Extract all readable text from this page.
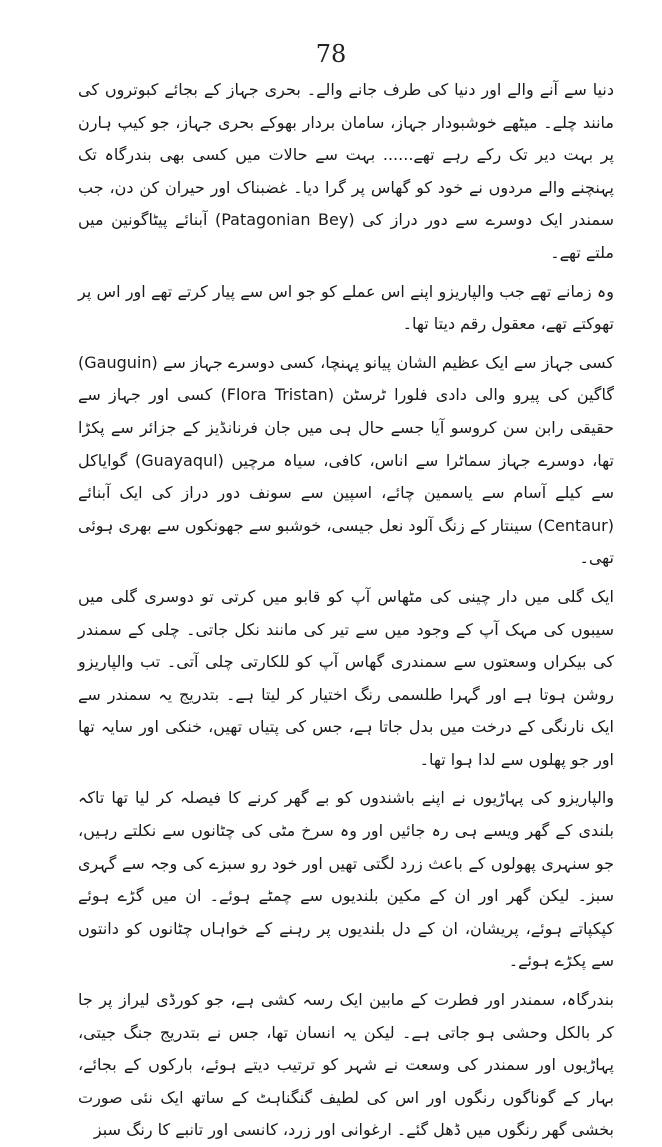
78

دنیا سے آنے والے اور دنیا کی طرف جانے والے۔ بحری جہاز کے بجائے کبوتروں کی مانند چلے۔ میٹھے خوشبودار جہاز، سامان بردار بھوکے بحری جہاز، جو کیپ ہارن پر بہت دیر تک رکے رہے تھے...... بہت سے حالات میں کسی بھی بندرگاہ تک پہنچنے والے مردوں نے خود کو گھاس پر گرا دیا۔ غضبناک اور حیران کن دن، جب سمندر ایک دوسرے سے دور دراز کی (Patagonian Bey) آبنائے پیٹاگونین میں ملتے تھے۔

وہ زمانے تھے جب والپاریزو اپنے اس عملے کو جو اس سے پیار کرتے تھے اور اس پر تھوکتے تھے، معقول رقم دیتا تھا۔

کسی جہاز سے ایک عظیم الشان پیانو پہنچا، کسی دوسرے جہاز سے (Gauguin) گاگین کی پیرو والی دادی فلورا ٹرسٹن (Flora Tristan) کسی اور جہاز سے حقیقی رابن سن کروسو آیا جسے حال ہی میں جان فرنانڈیز کے جزائر سے پکڑا تھا، دوسرے جہاز سماٹرا سے اناس، کافی، سیاہ مرچیں (Guayaqul) گوایاکل سے کیلے آسام سے یاسمین چائے، اسپین سے سونف دور دراز کی ایک آبنائے (Centaur) سینتار کے زنگ آلود نعل جیسی، خوشبو سے جھونکوں سے بھری ہوئی تھی۔

ایک گلی میں دار چینی کی مٹھاس آپ کو قابو میں کرتی تو دوسری گلی میں سیبوں کی مہک آپ کے وجود میں سے تیر کی مانند نکل جاتی۔ چلی کے سمندر کی بیکراں وسعتوں سے سمندری گھاس آپ کو للکارتی چلی آتی۔ تب والپاریزو روشن ہوتا ہے اور گہرا طلسمی رنگ اختیار کر لیتا ہے۔ بتدریج یہ سمندر سے ایک نارنگی کے درخت میں بدل جاتا ہے، جس کی پتیاں تھیں، خنکی اور سایہ تھا اور جو پھلوں سے لدا ہوا تھا۔

والپاریزو کی پہاڑیوں نے اپنے باشندوں کو بے گھر کرنے کا فیصلہ کر لیا تھا تاکہ بلندی کے گھر ویسے ہی رہ جائیں اور وہ سرخ مٹی کی چٹانوں سے نکلتے رہیں، جو سنہری پھولوں کے باعث زرد لگتی تھیں اور خود رو سبزے کی وجہ سے گہری سبز۔ لیکن گھر اور ان کے مکین بلندیوں سے چمٹے ہوئے۔ ان میں گڑے ہوئے کپکپاتے ہوئے، پریشان، ان کے دل بلندیوں پر رہنے کے خواہاں چٹانوں کو دانتوں سے پکڑے ہوئے۔

بندرگاہ، سمندر اور فطرت کے مابین ایک رسہ کشی ہے، جو کورڈی لیراز پر جا کر بالکل وحشی ہو جاتی ہے۔ لیکن یہ انسان تھا، جس نے بتدریج جنگ جیتی، پہاڑیوں اور سمندر کی وسعت نے شہر کو ترتیب دیتے ہوئے، بارکوں کے بجائے، بہار کے گوناگوں رنگوں اور اس کی لطیف گنگناہٹ کے ساتھ ایک نئی صورت بخشی گھر رنگوں میں ڈھل گئے۔ ارغوانی اور زرد، کانسی اور تانبے کا رنگ سبز
